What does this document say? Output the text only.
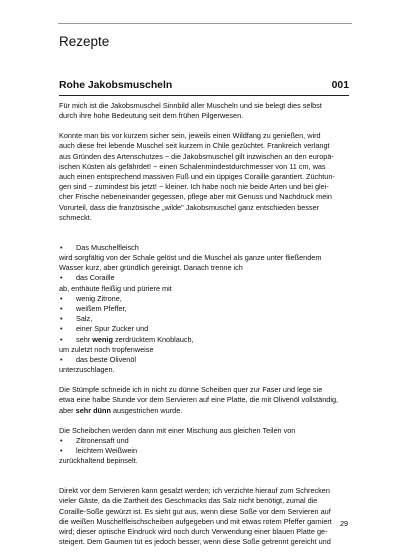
Rezepte
Rohe Jakobsmuscheln	001

Für mich ist die Jakobsmuschel Sinnbild aller Muscheln und sie belegt dies selbst
durch ihre hohe Bedeutung seit dem frühen Pilgerwesen.

Konnte man bis vor kurzem sicher sein, jeweils einen Wildfang zu genießen, wird
auch diese frei lebende Muschel seit kurzem in Chile gezüchtet. Frankreich verlangt
aus Gründen des Artenschutzes − die Jakobsmuschel gilt inzwischen an den europä-
ischen Küsten als gefährdet! − einen Schalenmindestdurchmesser von 11 cm, was
auch einen entsprechend massiven Fuß und ein üppiges Coraille garantiert. Züchtun-
gen sind − zumindest bis jetzt! − kleiner. Ich habe noch nie beide Arten und bei glei-
cher Frische nebeneinander gegessen, pflege aber mit Genuss und Nachdruck mein
Vorurteil, dass die französische „wilde" Jakobsmuschel ganz entschieden besser
schmeckt.

• Das Muschelfleisch
wird sorgfältig von der Schale gelöst und die Muschel als ganze unter fließendem
Wasser kurz, aber gründlich gereinigt. Danach trenne ich
• das Coraille
ab, enthäute fleißig und püriere mit
• wenig Zitrone,
• weißem Pfeffer,
• Salz,
• einer Spur Zucker und
• sehr wenig zerdrücktem Knoblauch,
um zuletzt noch tropfenweise
• das beste Olivenöl
unterzuschlagen.

Die Stümpfe schneide ich in nicht zu dünne Scheiben quer zur Faser und lege sie
etwa eine halbe Stunde vor dem Servieren auf eine Platte, die mit Olivenöl vollständig,
aber sehr dünn ausgestrichen wurde.

Die Scheibchen werden dann mit einer Mischung aus gleichen Teilen von
• Zitronensaft und
• leichtem Weißwein
zurückhaltend bepinselt.

Direkt vor dem Servieren kann gesalzt werden; ich verzichte hierauf zum Schrecken
vieler Gäste, da die Zartheit des Geschmacks das Salz nicht benötigt, zumal die
Coraille-Soße gewürzt ist. Es sieht gut aus, wenn diese Soße vor dem Servieren auf
die weißen Muschelfleischscheiben aufgegeben und mit etwas rotem Pfeffer garniert
wird; dieser optische Eindruck wird noch durch Verwendung einer blauen Platte ge-
steigert. Dem Gaumen tut es jedoch besser, wenn diese Soße getrennt gereicht und

29
